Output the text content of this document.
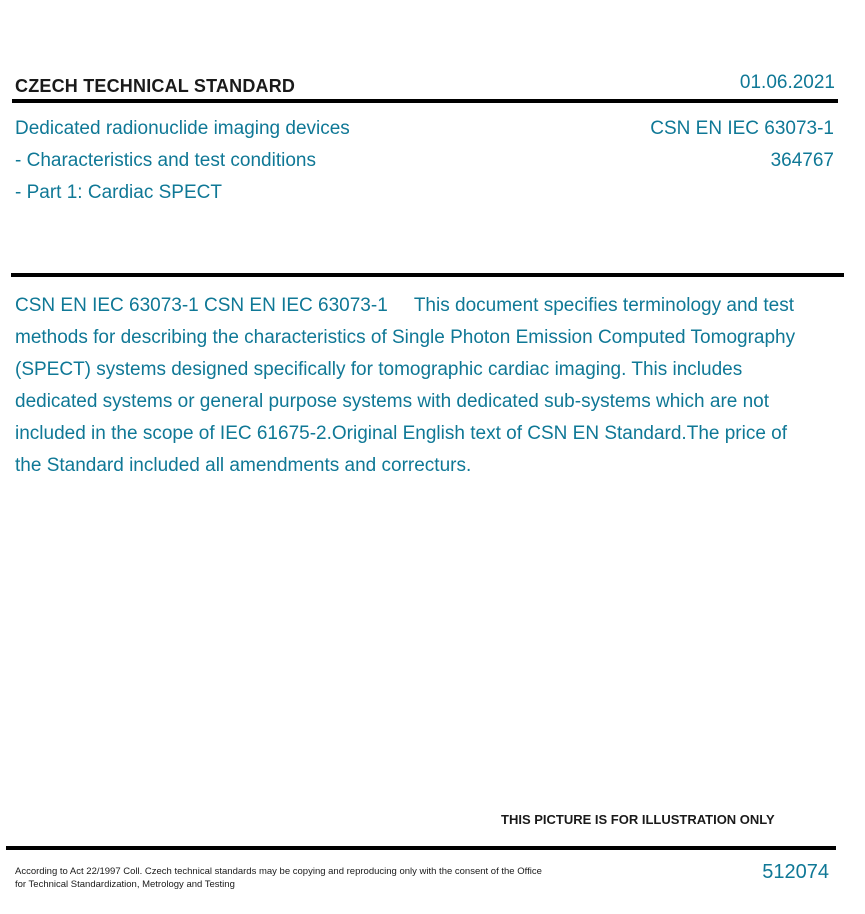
CZECH TECHNICAL STANDARD	01.06.2021
Dedicated radionuclide imaging devices
- Characteristics and test conditions
- Part 1: Cardiac SPECT
CSN EN IEC 63073-1
364767
CSN EN IEC 63073-1 CSN EN IEC 63073-1     This document specifies terminology and test methods for describing the characteristics of Single Photon Emission Computed Tomography (SPECT) systems designed specifically for tomographic cardiac imaging. This includes dedicated systems or general purpose systems with dedicated sub-systems which are not included in the scope of IEC 61675-2.Original English text of CSN EN Standard.The price of the Standard included all amendments and correcturs.
THIS PICTURE IS FOR ILLUSTRATION ONLY
According to Act 22/1997 Coll. Czech technical standards may be copying and reproducing only with the consent of the Office
for Technical Standardization, Metrology and Testing
512074
